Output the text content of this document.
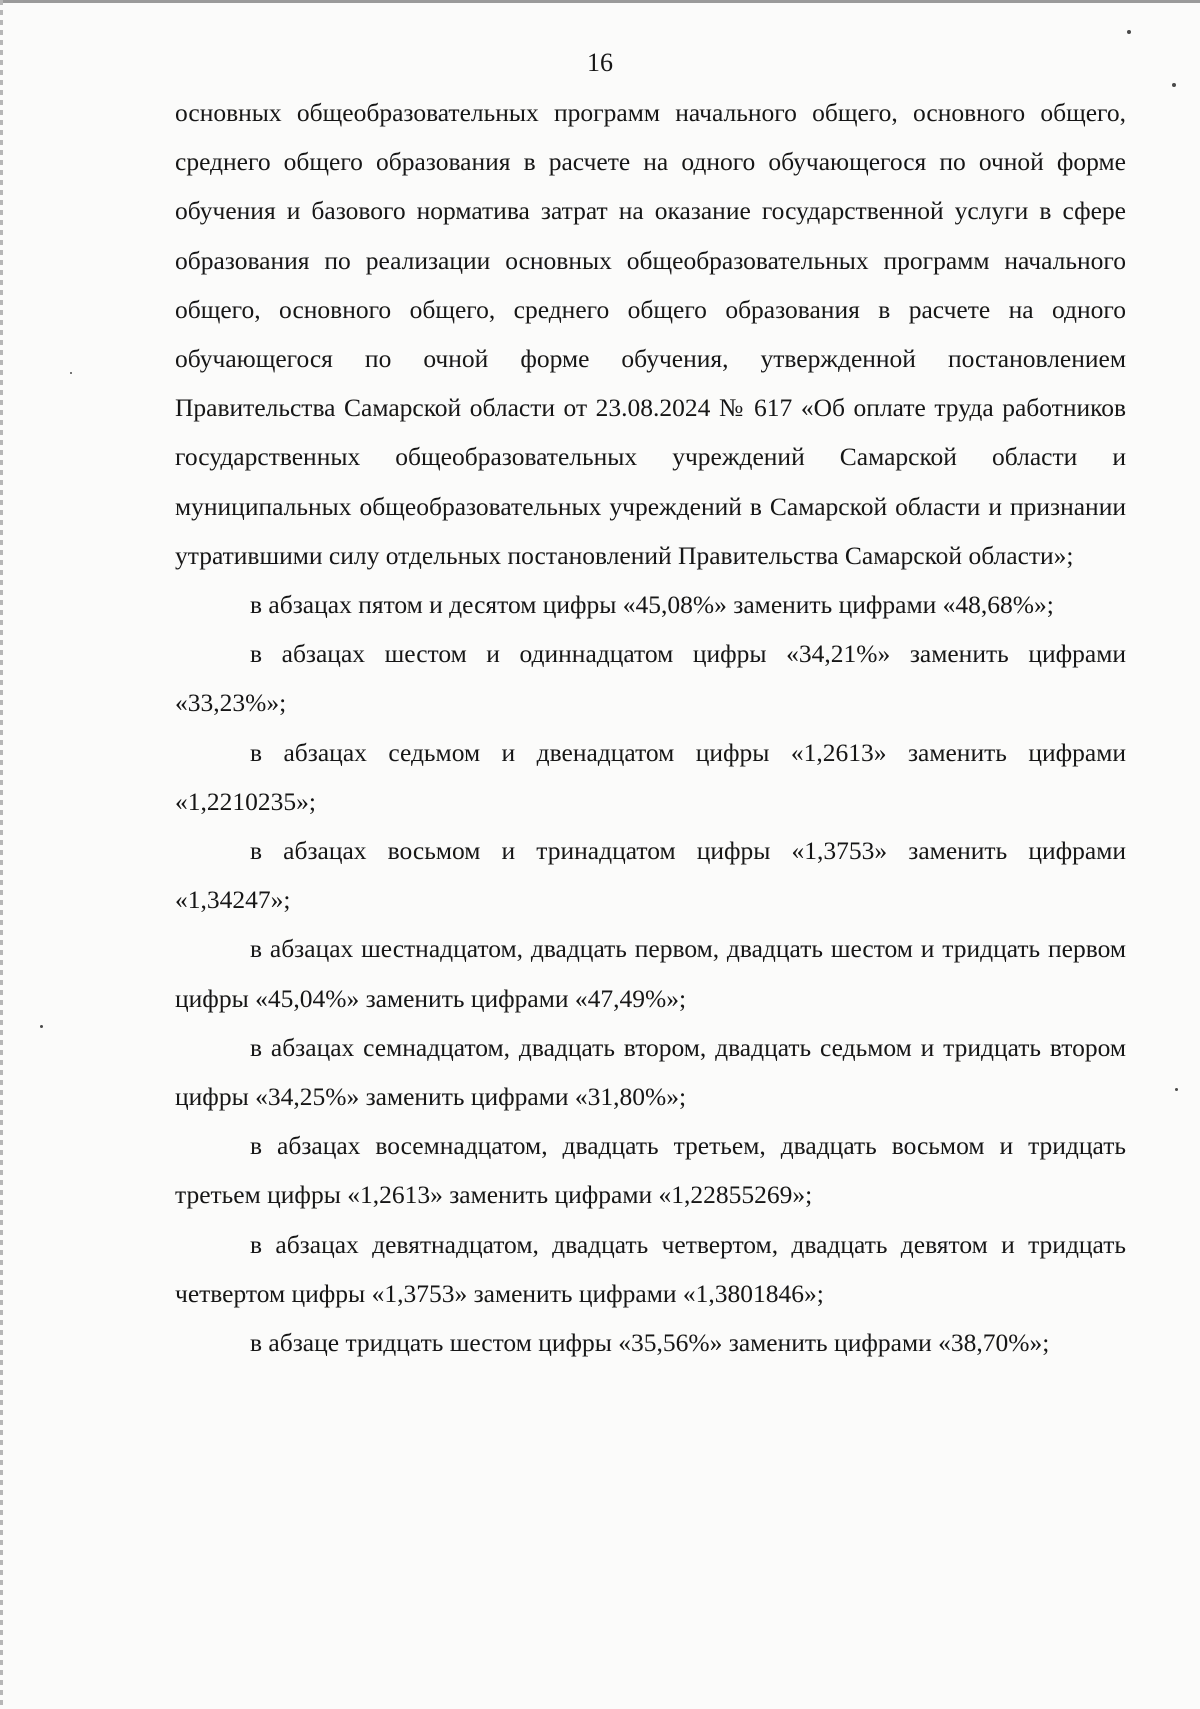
16

основных общеобразовательных программ начального общего, основного общего, среднего общего образования в расчете на одного обучающегося по очной форме обучения и базового норматива затрат на оказание государственной услуги в сфере образования по реализации основных общеобразовательных программ начального общего, основного общего, среднего общего образования в расчете на одного обучающегося по очной форме обучения, утвержденной постановлением Правительства Самарской области от 23.08.2024 № 617 «Об оплате труда работников государственных общеобразовательных учреждений Самарской области и муниципальных общеобразовательных учреждений в Самарской области и признании утратившими силу отдельных постановлений Правительства Самарской области»;

в абзацах пятом и десятом цифры «45,08%» заменить цифрами «48,68%»;

в абзацах шестом и одиннадцатом цифры «34,21%» заменить цифрами «33,23%»;

в абзацах седьмом и двенадцатом цифры «1,2613» заменить цифрами «1,2210235»;

в абзацах восьмом и тринадцатом цифры «1,3753» заменить цифрами «1,34247»;

в абзацах шестнадцатом, двадцать первом, двадцать шестом и тридцать первом цифры «45,04%» заменить цифрами «47,49%»;

в абзацах семнадцатом, двадцать втором, двадцать седьмом и тридцать втором цифры «34,25%» заменить цифрами «31,80%»;

в абзацах восемнадцатом, двадцать третьем, двадцать восьмом и тридцать третьем цифры «1,2613» заменить цифрами «1,22855269»;

в абзацах девятнадцатом, двадцать четвертом, двадцать девятом и тридцать четвертом цифры «1,3753» заменить цифрами «1,3801846»;

в абзаце тридцать шестом цифры «35,56%» заменить цифрами «38,70%»;
